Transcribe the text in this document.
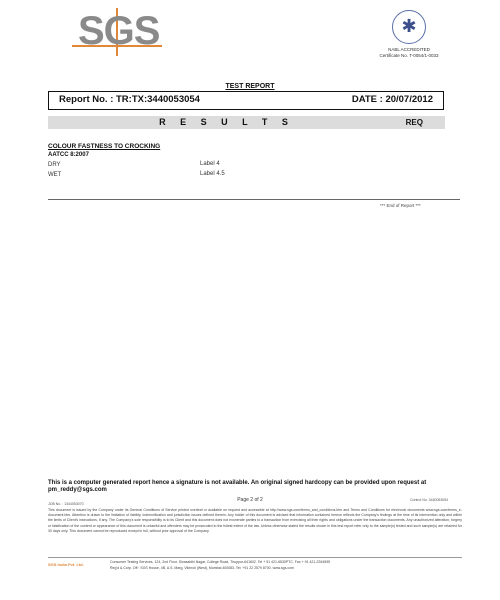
SGS	✱
NABL ACCREDITED
Certificate No. T-0054/1-0033
TEST REPORT
Report No. : TR:TX:3440053054	DATE : 20/07/2012
R E S U L T S	REQ
COLOUR FASTNESS TO CROCKING
AATCC 8:2007
DRY	Label 4
WET	Label 4.5
*** End of Report ***
This is a computer generated report hence a signature is not available. An original signed hardcopy can be provided upon request at
pm_reddy@sgs.com
Page 2 of 2	Control No. 3440053054
JOB No. : 1344053070
This document is issued by the Company under its General Conditions of Service printed overleaf or available on request and accessible at http://www.sgs.com/terms_and_conditions.htm and Terms and Conditions for electronic documents www.sgs.com/terms_e-document.htm. Attention is drawn to the limitation of liability, indemnification and jurisdiction issues defined therein. Any holder of this document is advised that information contained hereon reflects the Company's findings at the time of its intervention only and within the limits of Client's instructions, if any. The Company's sole responsibility is to its Client and this document does not exonerate parties to a transaction from exercising all their rights and obligations under the transaction documents. Any unauthorized alteration, forgery or falsification of the content or appearance of this document is unlawful and offenders may be prosecuted to the fullest extent of the law. Unless otherwise stated the results shown in this test report refer only to the sample(s) tested and such sample(s) are retained for 30 days only. This document cannot be reproduced except in full, without prior approval of the Company.
SGS India Pvt. Ltd.	Consumer Testing Services, 124, 2nd Floor, Sivasakthi Nagar, College Road, Tiruppur-641602. Tel + 91 421-6530PTC. Fax + 91 421-2264595
Reg'd & Corp. Off : SGS House, 4B, A.S. Marg, Vikhroli (West), Mumbai 400083. Tel: +91 22 2579 8700. www.sgs.com
